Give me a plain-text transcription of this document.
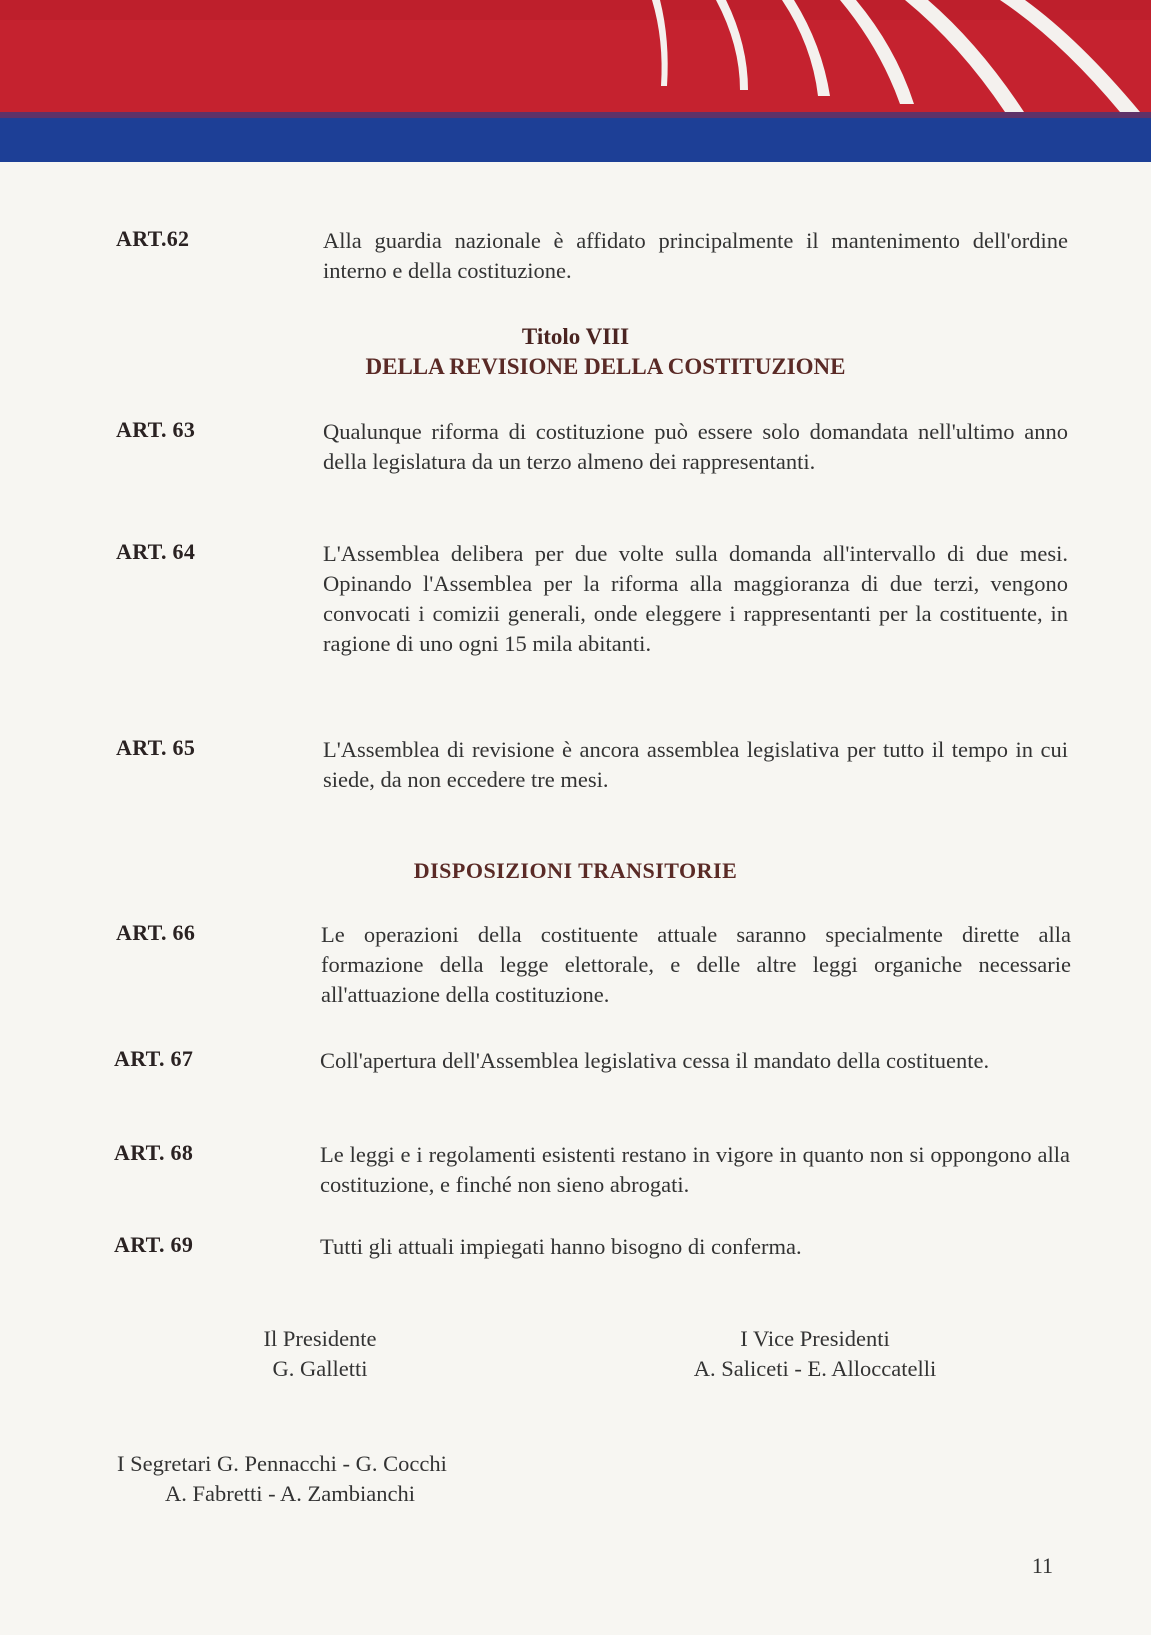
ART.62	Alla guardia nazionale è affidato principalmente il mantenimento dell'ordine interno e della costituzione.
Titolo VIII
DELLA REVISIONE DELLA COSTITUZIONE
ART. 63	Qualunque riforma di costituzione può essere solo domandata nell'ultimo anno della legislatura da un terzo almeno dei rappresentanti.
ART. 64	L'Assemblea delibera per due volte sulla domanda all'intervallo di due mesi. Opinando l'Assemblea per la riforma alla maggioranza di due terzi, vengono convocati i comizii generali, onde eleggere i rappresentanti per la costituente, in ragione di uno ogni 15 mila abitanti.
ART. 65	L'Assemblea di revisione è ancora assemblea legislativa per tutto il tempo in cui siede, da non eccedere tre mesi.
DISPOSIZIONI TRANSITORIE
ART. 66	Le operazioni della costituente attuale saranno specialmente dirette alla formazione della legge elettorale, e delle altre leggi organiche necessarie all'attuazione della costituzione.
ART. 67	Coll'apertura dell'Assemblea legislativa cessa il mandato della costituente.
ART. 68	Le leggi e i regolamenti esistenti restano in vigore in quanto non si oppongono alla costituzione, e finché non sieno abrogati.
ART. 69	Tutti gli attuali impiegati hanno bisogno di conferma.
Il Presidente
G. Galletti
I Vice Presidenti
A. Saliceti - E. Alloccatelli
I Segretari G. Pennacchi - G. Cocchi
A. Fabretti - A. Zambianchi
11
